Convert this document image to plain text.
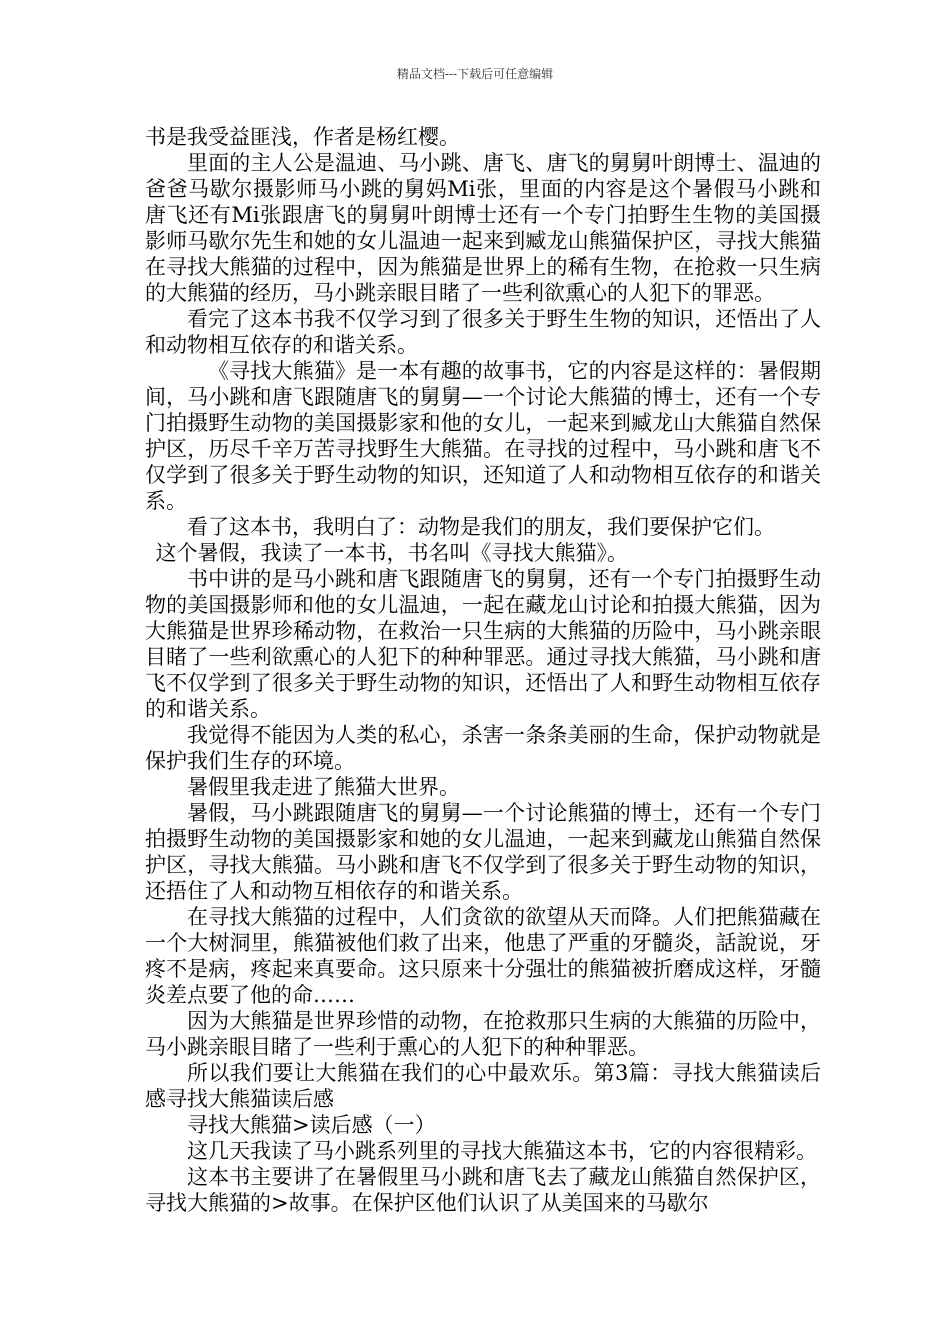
精品文档---下载后可任意编辑

书是我受益匪浅，作者是杨红樱。

里面的主人公是温迪、马小跳、唐飞、唐飞的舅舅叶朗博士、温迪的爸爸马歇尔摄影师马小跳的舅妈Mi张，里面的内容是这个暑假马小跳和唐飞还有Mi张跟唐飞的舅舅叶朗博士还有一个专门拍野生生物的美国摄影师马歇尔先生和她的女儿温迪一起来到臧龙山熊猫保护区，寻找大熊猫在寻找大熊猫的过程中，因为熊猫是世界上的稀有生物，在抢救一只生病的大熊猫的经历，马小跳亲眼目睹了一些利欲熏心的人犯下的罪恶。

看完了这本书我不仅学习到了很多关于野生生物的知识，还悟出了人和动物相互依存的和谐关系。

《寻找大熊猫》是一本有趣的故事书，它的内容是这样的：暑假期间，马小跳和唐飞跟随唐飞的舅舅—一个讨论大熊猫的博士，还有一个专门拍摄野生动物的美国摄影家和他的女儿，一起来到臧龙山大熊猫自然保护区，历尽千辛万苦寻找野生大熊猫。在寻找的过程中，马小跳和唐飞不仅学到了很多关于野生动物的知识，还知道了人和动物相互依存的和谐关系。

看了这本书，我明白了：动物是我们的朋友，我们要保护它们。

这个暑假，我读了一本书，书名叫《寻找大熊猫》。

书中讲的是马小跳和唐飞跟随唐飞的舅舅，还有一个专门拍摄野生动物的美国摄影师和他的女儿温迪，一起在藏龙山讨论和拍摄大熊猫，因为大熊猫是世界珍稀动物，在救治一只生病的大熊猫的历险中，马小跳亲眼目睹了一些利欲熏心的人犯下的种种罪恶。通过寻找大熊猫，马小跳和唐飞不仅学到了很多关于野生动物的知识，还悟出了人和野生动物相互依存的和谐关系。

我觉得不能因为人类的私心，杀害一条条美丽的生命，保护动物就是保护我们生存的环境。

暑假里我走进了熊猫大世界。

暑假，马小跳跟随唐飞的舅舅—一个讨论熊猫的博士，还有一个专门拍摄野生动物的美国摄影家和她的女儿温迪，一起来到藏龙山熊猫自然保护区，寻找大熊猫。马小跳和唐飞不仅学到了很多关于野生动物的知识，还捂住了人和动物互相依存的和谐关系。

在寻找大熊猫的过程中，人们贪欲的欲望从天而降。人们把熊猫藏在一个大树洞里，熊猫被他们救了出来，他患了严重的牙髓炎，話說说，牙疼不是病，疼起来真要命。这只原来十分强壮的熊猫被折磨成这样，牙髓炎差点要了他的命……

因为大熊猫是世界珍惜的动物，在抢救那只生病的大熊猫的历险中，马小跳亲眼目睹了一些利于熏心的人犯下的种种罪恶。

所以我们要让大熊猫在我们的心中最欢乐。第3篇：寻找大熊猫读后感寻找大熊猫读后感

寻找大熊猫>读后感（一）

这几天我读了马小跳系列里的寻找大熊猫这本书，它的内容很精彩。

这本书主要讲了在暑假里马小跳和唐飞去了藏龙山熊猫自然保护区，寻找大熊猫的>故事。在保护区他们认识了从美国来的马歇尔
